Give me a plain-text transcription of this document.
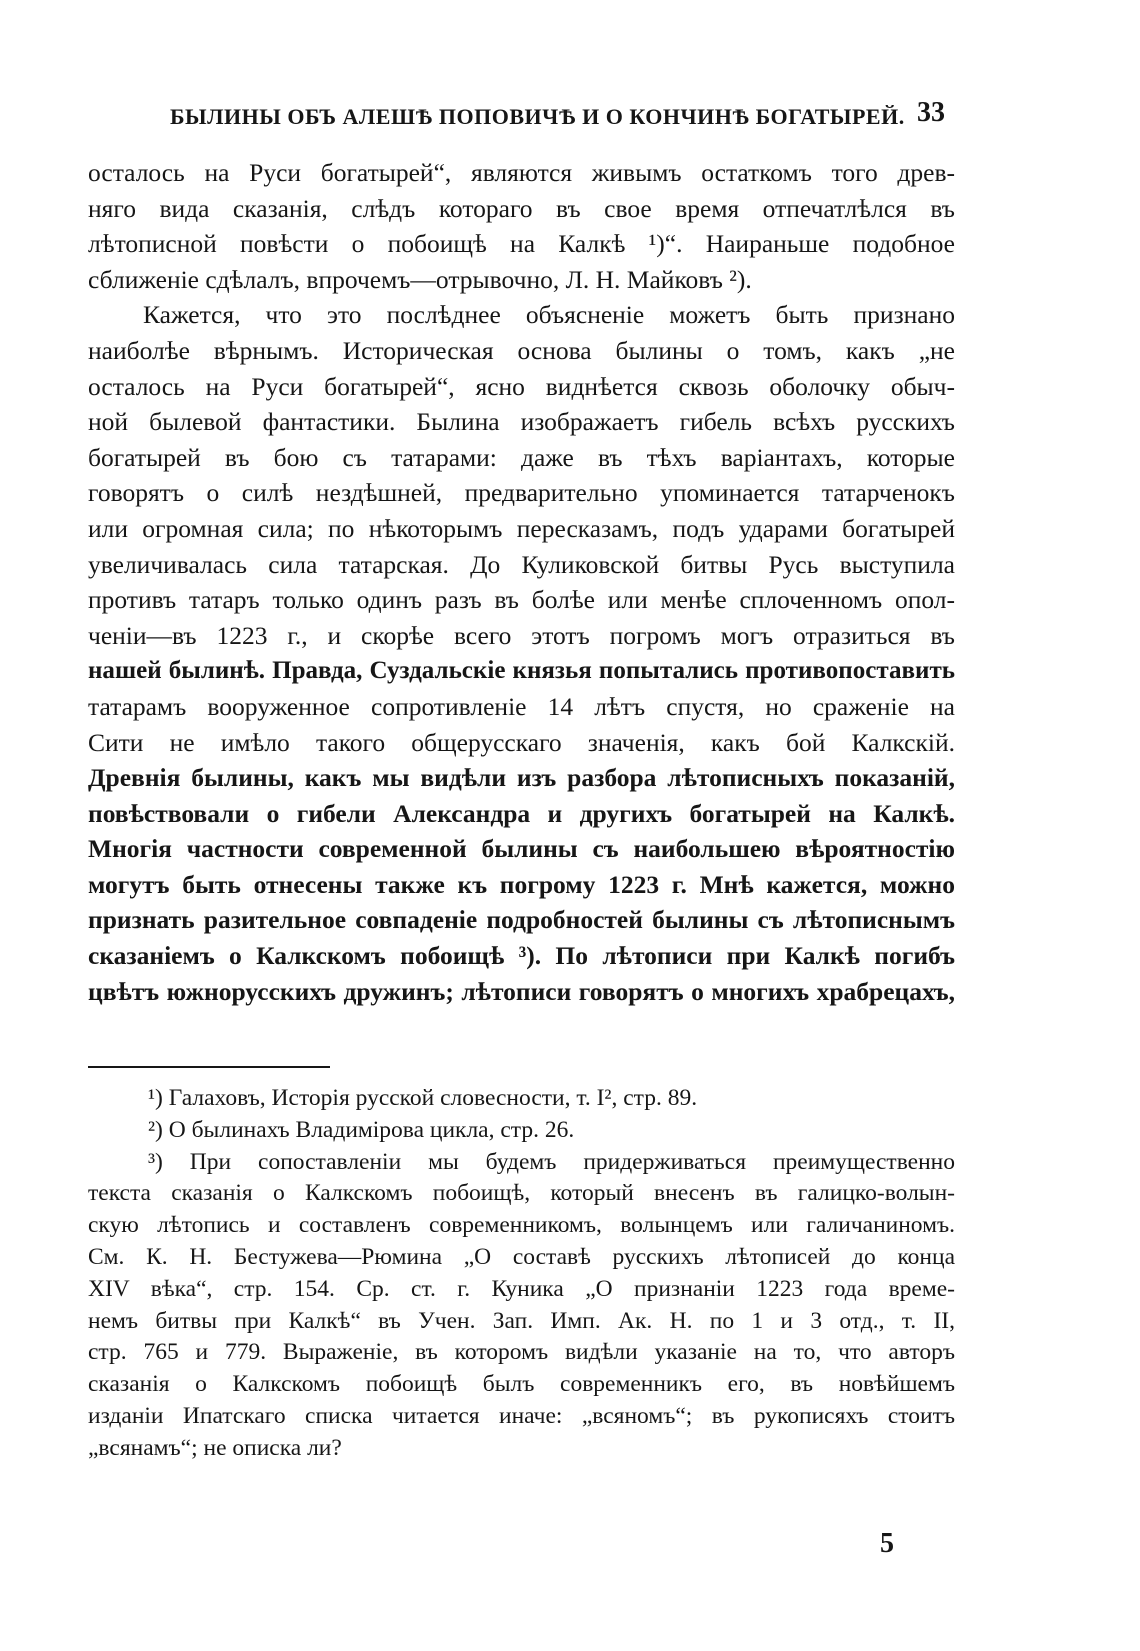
БЫЛИНЫ ОБЪ АЛЕШѢ ПОПОВИЧѢ И О КОНЧИНѢ БОГАТЫРЕЙ. 33
осталось на Руси богатырей“, являются живымъ остаткомъ того древ-
няго вида сказанія, слѣдъ котораго въ свое время отпечатлѣлся въ
лѣтописной повѣсти о побоищѣ на Калкѣ ¹)“. Наираньше подобное
сближеніе сдѣлалъ, впрочемъ—отрывочно, Л. Н. Майковъ ²).
Кажется, что это послѣднее объясненіе можетъ быть признано
наиболѣе вѣрнымъ. Историческая основа былины о томъ, какъ „не
осталось на Руси богатырей“, ясно виднѣется сквозь оболочку обыч-
ной былевой фантастики. Былина изображаетъ гибель всѣхъ русскихъ
богатырей въ бою съ татарами: даже въ тѣхъ варіантахъ, которые
говорятъ о силѣ нездѣшней, предварительно упоминается татарченокъ
или огромная сила; по нѣкоторымъ пересказамъ, подъ ударами богатырей
увеличивалась сила татарская. До Куликовской битвы Русь выступила
противъ татаръ только одинъ разъ въ болѣе или менѣе сплоченномъ опол-
ченіи—въ 1223 г., и скорѣе всего этотъ погромъ могъ отразиться въ
нашей былинѣ. Правда, Суздальскіе князья попытались противопоставить
татарамъ вооруженное сопротивленіе 14 лѣтъ спустя, но сраженіе на
Сити не имѣло такого общерусскаго значенія, какъ бой Калкскій.
Древнія былины, какъ мы видѣли изъ разбора лѣтописныхъ показаній,
повѣствовали о гибели Александра и другихъ богатырей на Калкѣ.
Многія частности современной былины съ наибольшею вѣроятностію
могутъ быть отнесены также къ погрому 1223 г. Мнѣ кажется, можно
признать разительное совпаденіе подробностей былины съ лѣтописнымъ
сказаніемъ о Калкскомъ побоищѣ ³). По лѣтописи при Калкѣ погибъ
цвѣтъ южнорусскихъ дружинъ; лѣтописи говорятъ о многихъ храбрецахъ,
¹) Галаховъ, Исторія русской словесности, т. I², стр. 89.
²) О былинахъ Владимірова цикла, стр. 26.
³) При сопоставленіи мы будемъ придерживаться преимущественно
текста сказанія о Калкскомъ побоищѣ, который внесенъ въ галицко-волын-
скую лѣтопись и составленъ современникомъ, волынцемъ или галичаниномъ.
См. К. Н. Бестужева—Рюмина „О составѣ русскихъ лѣтописей до конца
XIV вѣка“, стр. 154. Ср. ст. г. Куника „О признаніи 1223 года време-
немъ битвы при Калкѣ“ въ Учен. Зап. Имп. Ак. Н. по 1 и 3 отд., т. II,
стр. 765 и 779. Выраженіе, въ которомъ видѣли указаніе на то, что авторъ
сказанія о Калкскомъ побоищѣ былъ современникъ его, въ новѣйшемъ
изданіи Ипатскаго списка читается иначе: „всяномъ“; въ рукописяхъ стоитъ
„всянамъ“; не описка ли?
5
